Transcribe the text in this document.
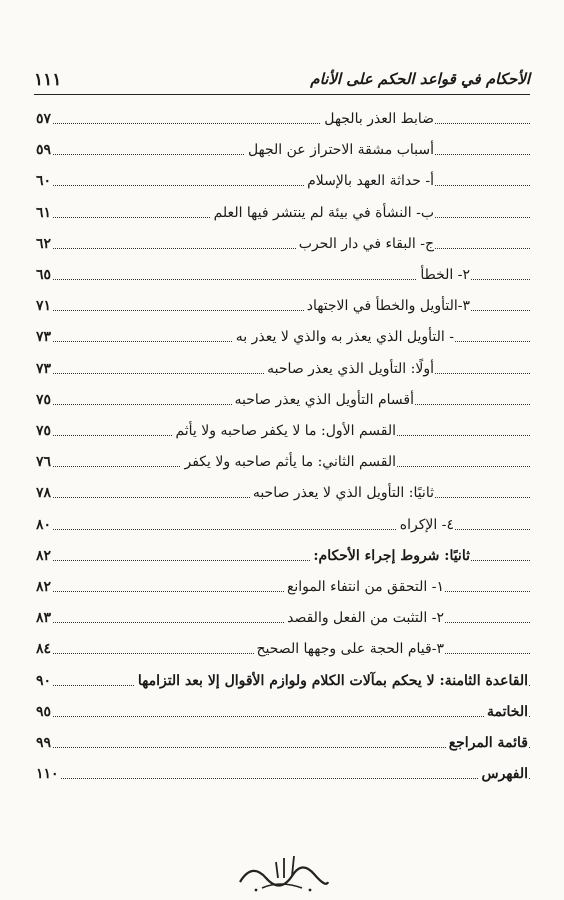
الأحكام في قواعد الحكم على الأنام
١١١
ضابط العذر بالجهل
٥٧
أسباب مشقة الاحتراز عن الجهل
٥٩
أ- حداثة العهد بالإسلام
٦٠
ب- النشأة في بيئة لم ينتشر فيها العلم
٦١
ج- البقاء في دار الحرب
٦٢
٢- الخطأ
٦٥
٣-التأويل والخطأ في الاجتهاد
٧١
- التأويل الذي يعذر به والذي لا يعذر به
٧٣
أولًا: التأويل الذي يعذر صاحبه
٧٣
أقسام التأويل الذي يعذر صاحبه
٧٥
القسم الأول: ما لا يكفر صاحبه ولا يأثم
٧٥
القسم الثاني: ما يأثم صاحبه ولا يكفر
٧٦
ثانيًا: التأويل الذي لا يعذر صاحبه
٧٨
٤- الإكراه
٨٠
ثانيًا: شروط إجراء الأحكام:
٨٢
١- التحقق من انتفاء الموانع
٨٢
٢- التثبت من الفعل والقصد
٨٣
٣-قيام الحجة على وجهها الصحيح
٨٤
القاعدة الثامنة: لا يحكم بمآلات الكلام ولوازم الأقوال إلا بعد التزامها
٩٠
الخاتمة
٩٥
قائمة المراجع
٩٩
الفهرس
١١٠
